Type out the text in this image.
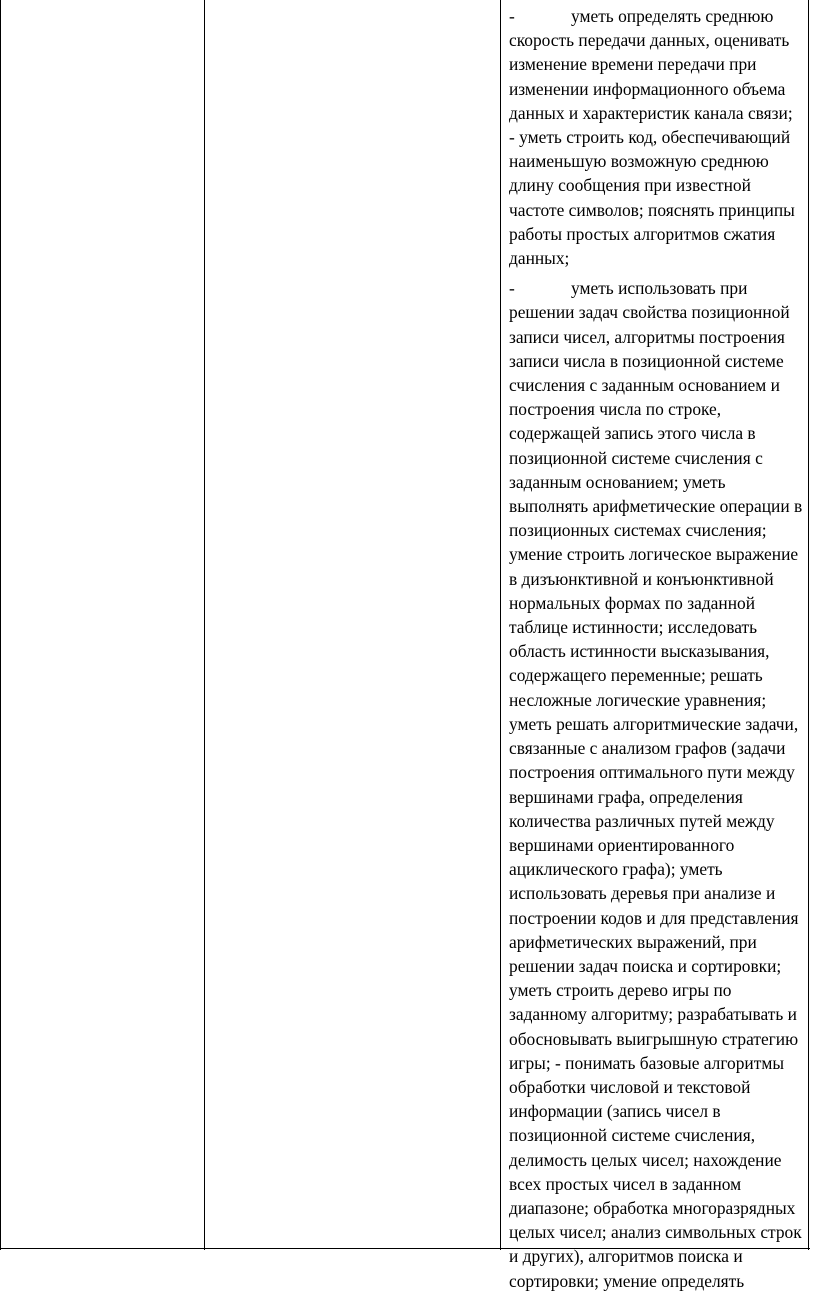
-	уметь определять среднюю скорость передачи данных, оценивать изменение времени передачи при изменении информационного объема данных и характеристик канала связи;

- уметь строить код, обеспечивающий наименьшую возможную среднюю длину сообщения при известной частоте символов; пояснять принципы работы простых алгоритмов сжатия данных;

-	уметь использовать при решении задач свойства позиционной записи чисел, алгоритмы построения записи числа в позиционной системе счисления с заданным основанием и построения числа по строке, содержащей запись этого числа в позиционной системе счисления с заданным основанием; уметь выполнять арифметические операции в позиционных системах счисления; умение строить логическое выражение в дизъюнктивной и конъюнктивной нормальных формах по заданной таблице истинности; исследовать область истинности высказывания, содержащего переменные; решать несложные логические уравнения; уметь решать алгоритмические задачи, связанные с анализом графов (задачи построения оптимального пути между вершинами графа, определения количества различных путей между вершинами ориентированного ациклического графа); уметь использовать деревья при анализе и построении кодов и для представления арифметических выражений, при решении задач поиска и сортировки; уметь строить дерево игры по заданному алгоритму; разрабатывать и обосновывать выигрышную стратегию игры; - понимать базовые алгоритмы обработки числовой и текстовой информации (запись чисел в позиционной системе счисления, делимость целых чисел; нахождение всех простых чисел в заданном диапазоне; обработка многоразрядных целых чисел; анализ символьных строк и других), алгоритмов поиска и сортировки; умение определять
